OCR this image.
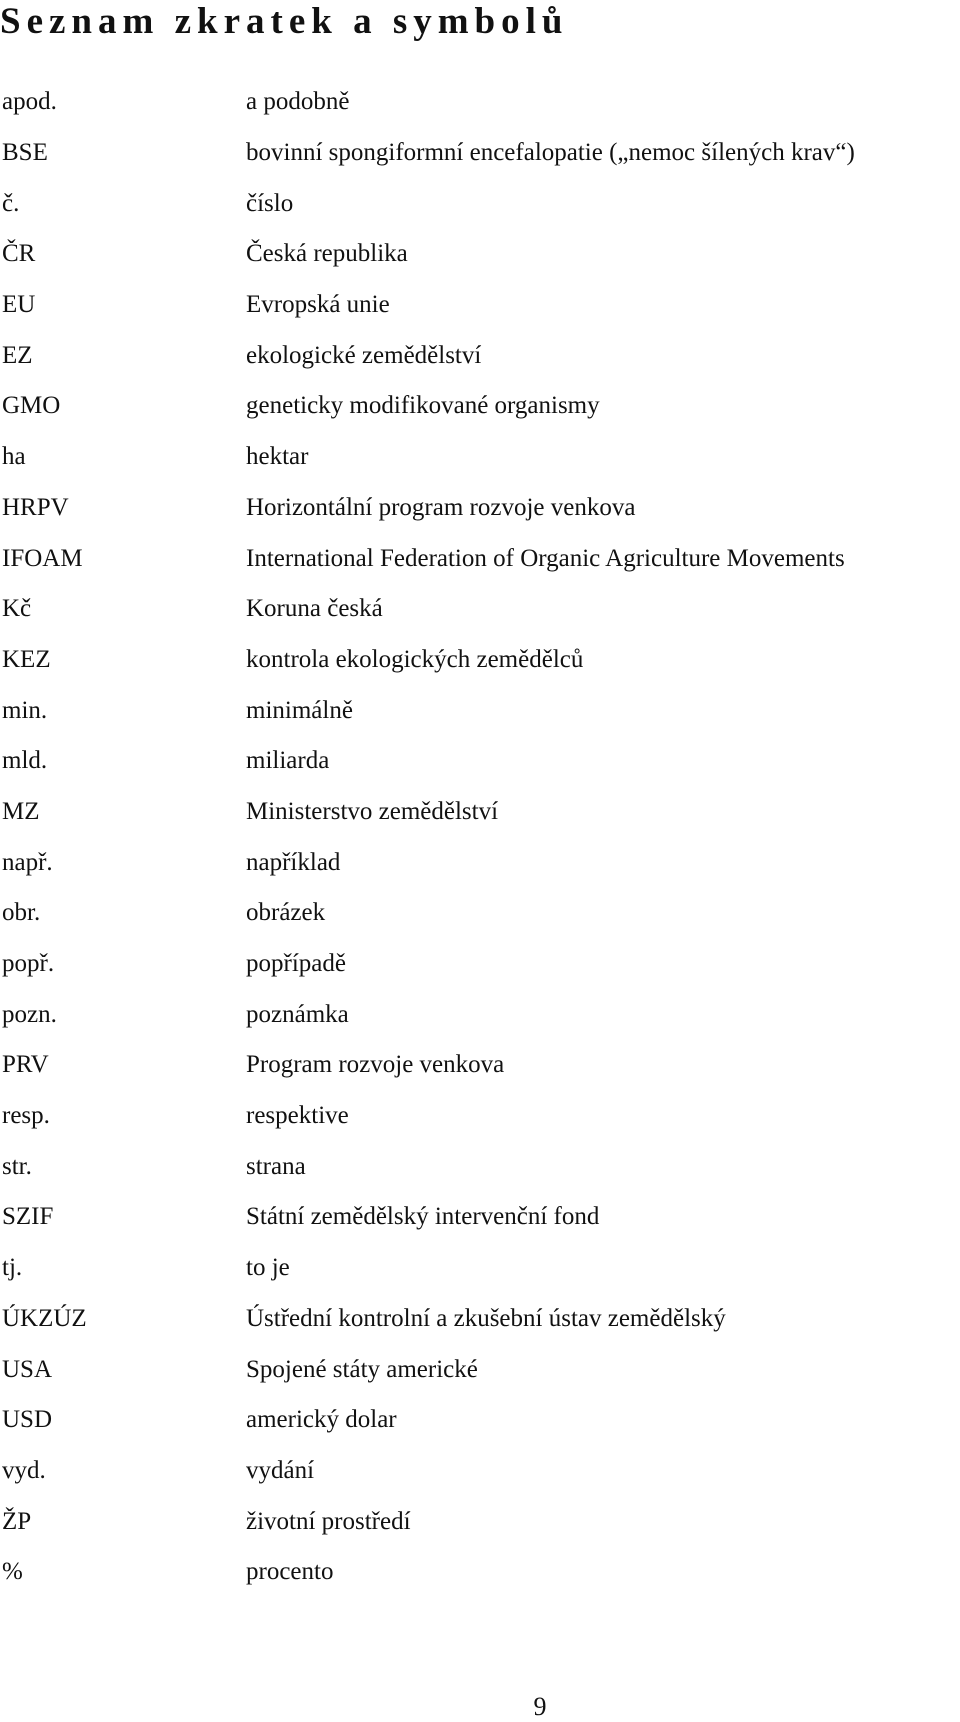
Seznam zkratek a symbolů
apod.	a podobně
BSE	bovinní spongiformní encefalopatie („nemoc šílených krav“)
č.	číslo
ČR	Česká republika
EU	Evropská unie
EZ	ekologické zemědělství
GMO	geneticky modifikované organismy
ha	hektar
HRPV	Horizontální program rozvoje venkova
IFOAM	International Federation of Organic Agriculture Movements
Kč	Koruna česká
KEZ	kontrola ekologických zemědělců
min.	minimálně
mld.	miliarda
MZ	Ministerstvo zemědělství
např.	například
obr.	obrázek
popř.	popřípadě
pozn.	poznámka
PRV	Program rozvoje venkova
resp.	respektive
str.	strana
SZIF	Státní zemědělský intervenční fond
tj.	to je
ÚKZÚZ	Ústřední kontrolní a zkušební ústav zemědělský
USA	Spojené státy americké
USD	americký dolar
vyd.	vydání
ŽP	životní prostředí
%	procento
9
